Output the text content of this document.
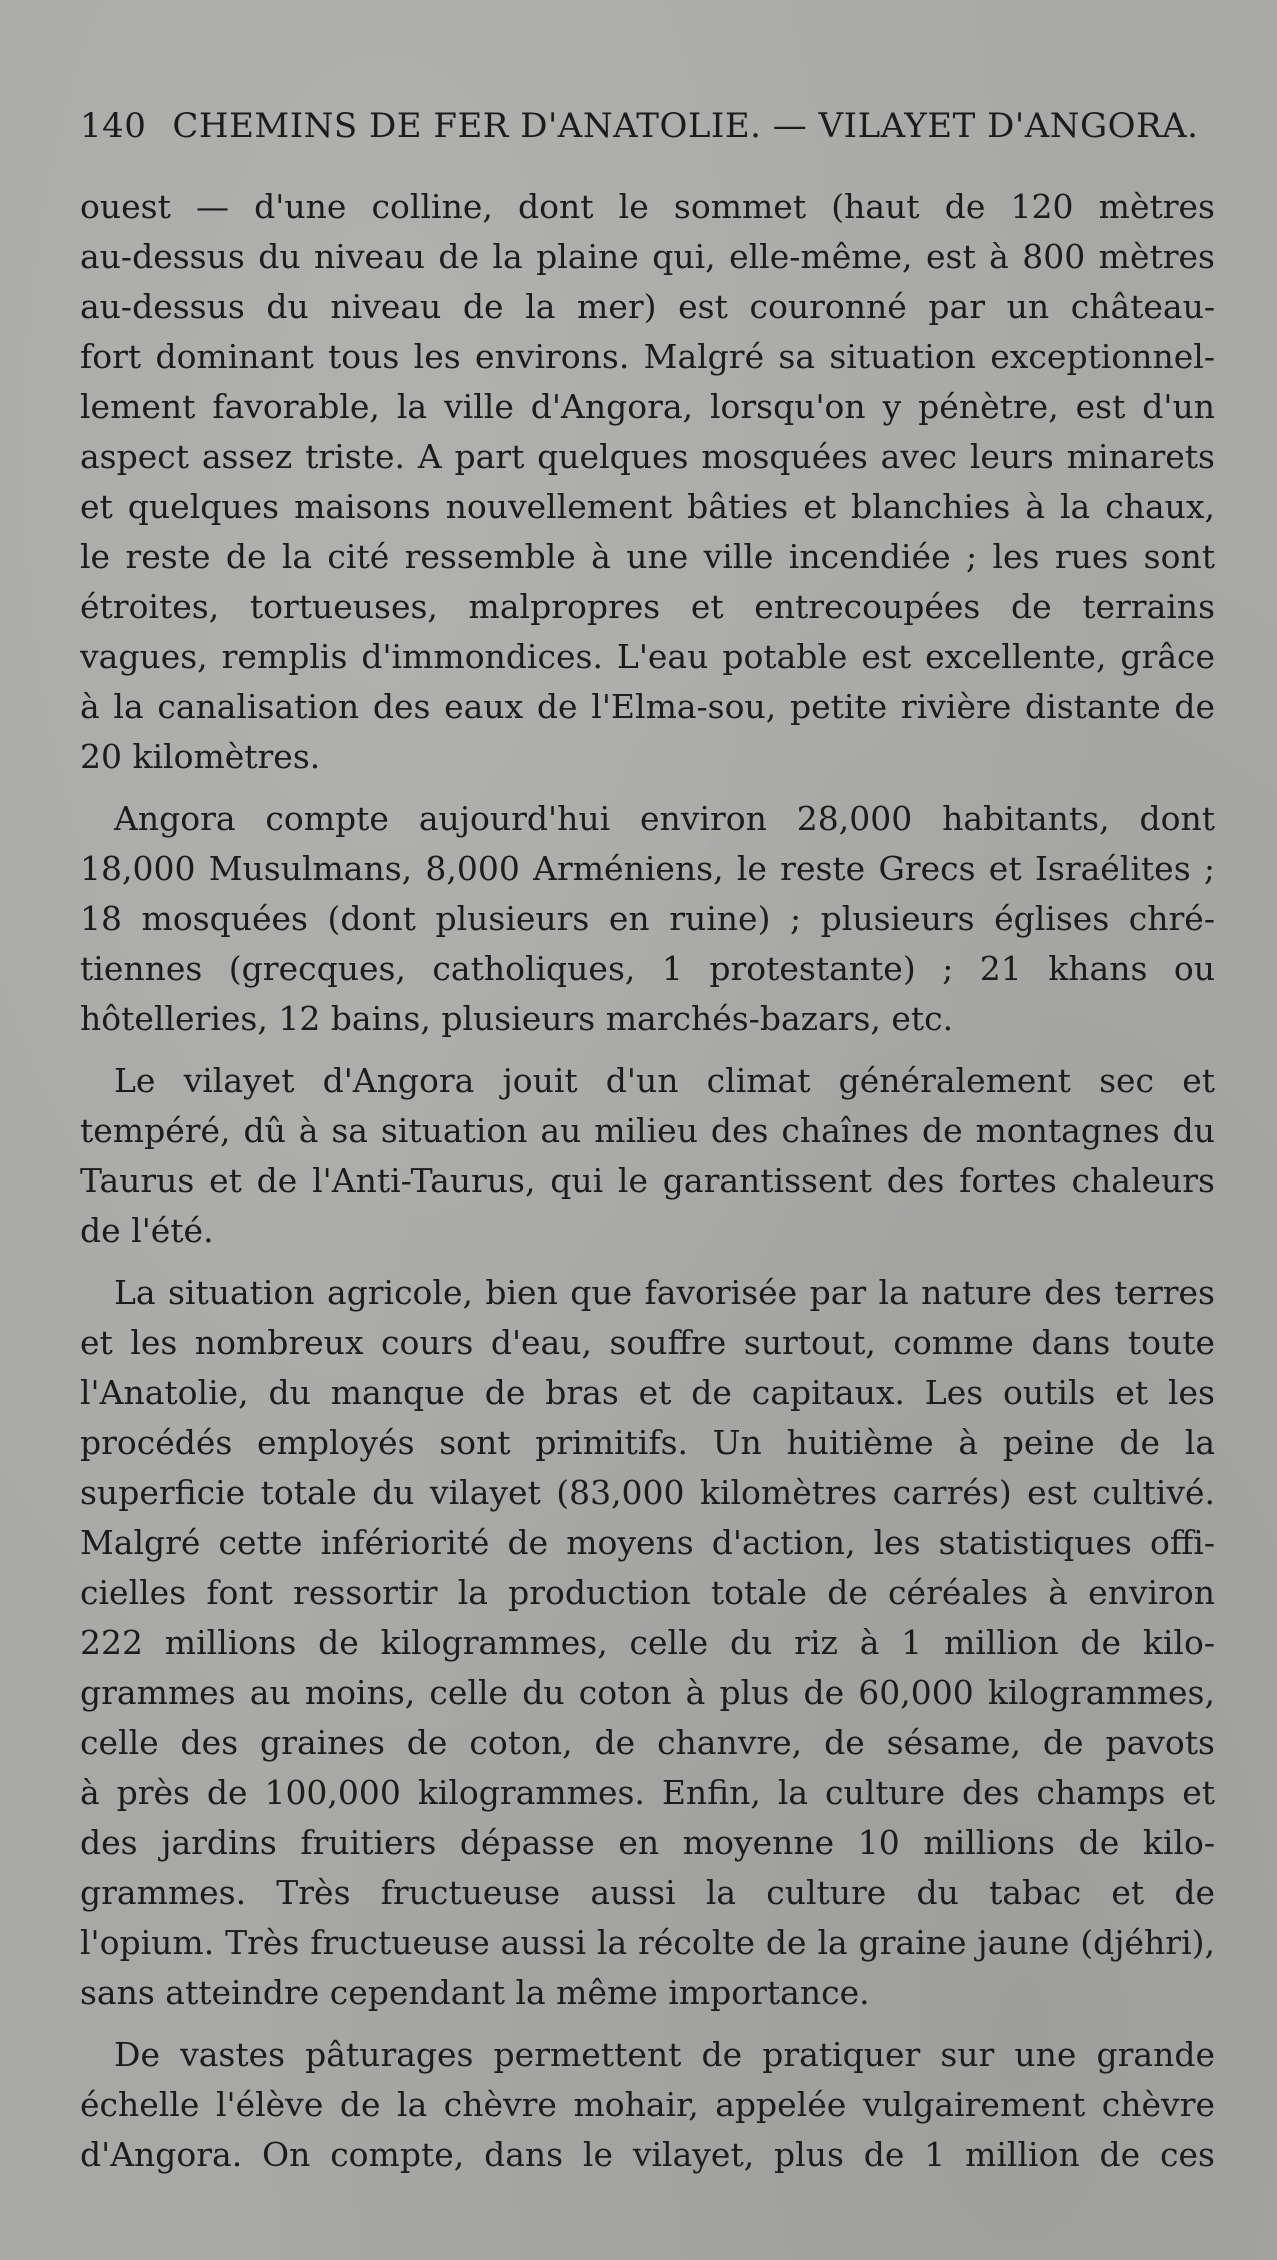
140 CHEMINS DE FER D'ANATOLIE. — VILAYET D'ANGORA.

ouest — d'une colline, dont le sommet (haut de 120 mètres
au-dessus du niveau de la plaine qui, elle-même, est à 800 mètres
au-dessus du niveau de la mer) est couronné par un château-
fort dominant tous les environs. Malgré sa situation exceptionnel-
lement favorable, la ville d'Angora, lorsqu'on y pénètre, est d'un
aspect assez triste. A part quelques mosquées avec leurs minarets
et quelques maisons nouvellement bâties et blanchies à la chaux,
le reste de la cité ressemble à une ville incendiée ; les rues sont
étroites, tortueuses, malpropres et entrecoupées de terrains
vagues, remplis d'immondices. L'eau potable est excellente, grâce
à la canalisation des eaux de l'Elma-sou, petite rivière distante de
20 kilomètres.

Angora compte aujourd'hui environ 28,000 habitants, dont
18,000 Musulmans, 8,000 Arméniens, le reste Grecs et Israélites ;
18 mosquées (dont plusieurs en ruine) ; plusieurs églises chré-
tiennes (grecques, catholiques, 1 protestante) ; 21 khans ou
hôtelleries, 12 bains, plusieurs marchés-bazars, etc.

Le vilayet d'Angora jouit d'un climat généralement sec et
tempéré, dû à sa situation au milieu des chaînes de montagnes du
Taurus et de l'Anti-Taurus, qui le garantissent des fortes chaleurs
de l'été.

La situation agricole, bien que favorisée par la nature des terres
et les nombreux cours d'eau, souffre surtout, comme dans toute
l'Anatolie, du manque de bras et de capitaux. Les outils et les
procédés employés sont primitifs. Un huitième à peine de la
superficie totale du vilayet (83,000 kilomètres carrés) est cultivé.
Malgré cette infériorité de moyens d'action, les statistiques offi-
cielles font ressortir la production totale de céréales à environ
222 millions de kilogrammes, celle du riz à 1 million de kilo-
grammes au moins, celle du coton à plus de 60,000 kilogrammes,
celle des graines de coton, de chanvre, de sésame, de pavots
à près de 100,000 kilogrammes. Enfin, la culture des champs et
des jardins fruitiers dépasse en moyenne 10 millions de kilo-
grammes. Très fructueuse aussi la culture du tabac et de
l'opium. Très fructueuse aussi la récolte de la graine jaune (djéhri),
sans atteindre cependant la même importance.

De vastes pâturages permettent de pratiquer sur une grande
échelle l'élève de la chèvre mohair, appelée vulgairement chèvre
d'Angora. On compte, dans le vilayet, plus de 1 million de ces
